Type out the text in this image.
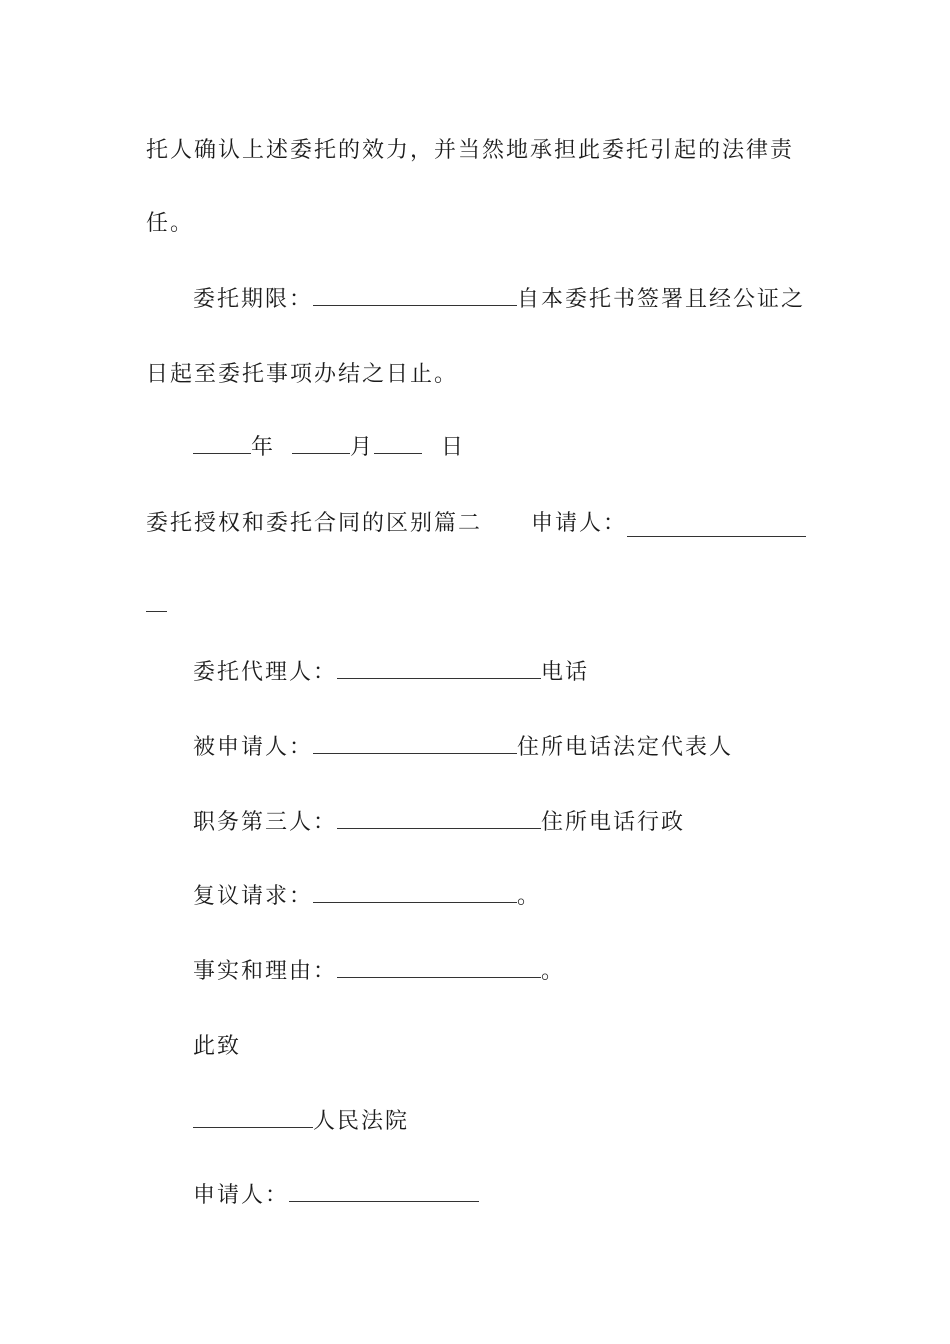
托人确认上述委托的效力，并当然地承担此委托引起的法律责
任。
委托期限：	自本委托书签署且经公证之
日起至委托事项办结之日止。
年	月	日
委托授权和委托合同的区别篇二 申请人：
委托代理人：	电话
被申请人：	住所电话法定代表人
职务第三人：	住所电话行政
复议请求：	。
事实和理由：	。
此致
人民法院
申请人：
